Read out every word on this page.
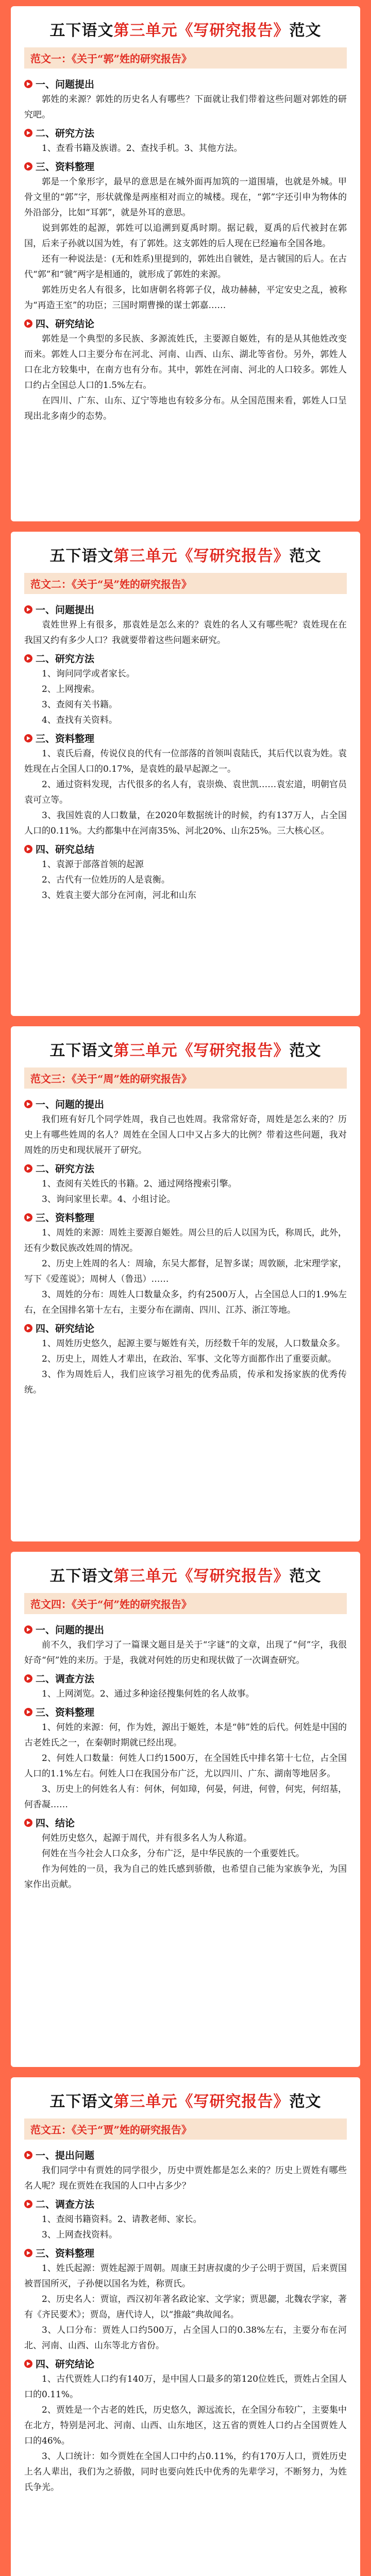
五下语文第三单元《写研究报告》范文
范文一：《关于“郭”姓的研究报告》
一、问题提出

郭姓的来源？郭姓的历史名人有哪些？下面就让我们带着这些问题对郭姓的研究吧。

二、研究方法

1、查看书籍及族谱。2、查找手机。3、其他方法。

三、资料整理

郭是一个象形字，最早的意思是在城外面再加筑的一道围墙，也就是外城。甲骨文里的“郭”字，形状就像是两座相对而立的城楼。现在，“郭”字还引申为物体的外沿部分，比如“耳郭”，就是外耳的意思。

说到郭姓的起源，郭姓可以追溯到夏禹时期。据记载，夏禹的后代被封在郭国，后来子孙就以国为姓，有了郭姓。这支郭姓的后人现在已经遍布全国各地。

还有一种说法是：(无和姓系)里提到的，郭姓出自虢姓，是古虢国的后人。在古代“郭”和“虢”两字是相通的，就形成了郭姓的来源。

郭姓历史名人有很多，比如唐朝名将郭子仪，战功赫赫，平定安史之乱，被称为“再造王室”的功臣；三国时期曹操的谋士郭嘉……

四、研究结论

郭姓是一个典型的多民族、多源流姓氏，主要源自姬姓，有的是从其他姓改变而来。郭姓人口主要分布在河北、河南、山西、山东、湖北等省份。另外，郭姓人口在北方较集中，在南方也有分布。其中，郭姓在河南、河北的人口较多。郭姓人口约占全国总人口的1.5%左右。

在四川、广东、山东、辽宁等地也有较多分布。从全国范围来看，郭姓人口呈现出北多南少的态势。

五下语文第三单元《写研究报告》范文
范文二：《关于“吴”姓的研究报告》
一、问题提出

袁姓世界上有很多，那袁姓是怎么来的？袁姓的名人又有哪些呢？袁姓现在在我国又约有多少人口？我就要带着这些问题来研究。

二、研究方法

1、询问同学或者家长。

2、上网搜索。

3、查阅有关书籍。

4、查找有关资料。

三、资料整理

1、袁氏后裔，传说仪良的代有一位部落的首领叫袁陆氏，其后代以袁为姓。袁姓现在占全国人口的0.17%，是袁姓的最早起源之一。

2、通过资料发现，古代很多的名人有，袁崇焕、袁世凯……袁宏道，明朝官员袁可立等。

3、我国姓袁的人口数量，在2020年数据统计的时候，约有137万人，占全国人口的0.11%。大约都集中在河南35%、河北20%、山东25%。三大核心区。

四、研究总结

1、袁源于部落首领的起源

2、古代有一位姓历的人是袁衡。

3、姓袁主要大部分在河南，河北和山东

五下语文第三单元《写研究报告》范文
范文三：《关于“周”姓的研究报告》
一、问题的提出

我们班有好几个同学姓周，我自己也姓周。我常常好奇，周姓是怎么来的？历史上有哪些姓周的名人？周姓在全国人口中又占多大的比例？带着这些问题，我对周姓的历史和现状展开了研究。

二、研究方法

1、查阅有关姓氏的书籍。2、通过网络搜索引擎。

3、询问家里长辈。4、小组讨论。

三、资料整理

1、周姓的来源：周姓主要源自姬姓。周公旦的后人以国为氏，称周氏，此外，还有少数民族改姓周的情况。

2、历史上姓周的名人：周瑜，东吴大都督，足智多谋；周敦颐，北宋理学家，写下《爱莲说》；周树人（鲁迅）……

3、周姓的分布：周姓人口数量众多，约有2500万人，占全国总人口的1.9%左右，在全国排名第十左右，主要分布在湖南、四川、江苏、浙江等地。

四、研究结论

1、周姓历史悠久，起源主要与姬姓有关，历经数千年的发展，人口数量众多。

2、历史上，周姓人才辈出，在政治、军事、文化等方面都作出了重要贡献。

3、作为周姓后人，我们应该学习祖先的优秀品质，传承和发扬家族的优秀传统。

五下语文第三单元《写研究报告》范文
范文四：《关于“何”姓的研究报告》
一、问题的提出

前不久，我们学习了一篇课文题目是关于“字谜”的文章，出现了“何”字，我很好奇“何”姓的来历。于是，我就对何姓的历史和现状做了一次调查研究。

二、调查方法

1、上网浏览。2、通过多种途径搜集何姓的名人故事。

三、资料整理

1、何姓的来源：何，作为姓，源出于姬姓，本是“韩”姓的后代。何姓是中国的古老姓氏之一，在秦朝时期就已经出现。

2、何姓人口数量：何姓人口约1500万，在全国姓氏中排名第十七位，占全国人口的1.1%左右。何姓人口在我国分布广泛，尤以四川、广东、湖南等地居多。

3、历史上的何姓名人有：何休，何如璋，何晏，何进，何曾，何宪，何绍基，何香凝……

四、结论

何姓历史悠久，起源于周代，并有很多名人为人称道。

何姓在当今社会人口众多，分布广泛，是中华民族的一个重要姓氏。

作为何姓的一员，我为自己的姓氏感到骄傲，也希望自己能为家族争光，为国家作出贡献。

五下语文第三单元《写研究报告》范文
范文五：《关于“贾”姓的研究报告》
一、提出问题

我们同学中有贾姓的同学很少，历史中贾姓都是怎么来的？历史上贾姓有哪些名人呢？现在贾姓在我国的人口中占多少？

二、调查方法

1、查阅书籍资料。2、请教老师、家长。

3、上网查找资料。

三、资料整理

1、姓氏起源：贾姓起源于周朝。周康王封唐叔虞的少子公明于贾国，后来贾国被晋国所灭，子孙便以国名为姓，称贾氏。

2、历史名人：贾谊，西汉初年著名政论家、文学家；贾思勰，北魏农学家，著有《齐民要术》；贾岛，唐代诗人，以“推敲”典故闻名。

3、人口分布：贾姓人口约500万，占全国人口的0.38%左右，主要分布在河北、河南、山西、山东等北方省份。

四、研究结论

1、古代贾姓人口约有140万，是中国人口最多的第120位姓氏，贾姓占全国人口的0.11%。

2、贾姓是一个古老的姓氏，历史悠久，源远流长，在全国分布较广，主要集中在北方，特别是河北、河南、山西、山东地区，这五省的贾姓人口约占全国贾姓人口的46%。

3、人口统计：如今贾姓在全国人口中约占0.11%，约有170万人口，贾姓历史上名人辈出，我们为之骄傲，同时也要向姓氏中优秀的先辈学习，不断努力，为姓氏争光。
